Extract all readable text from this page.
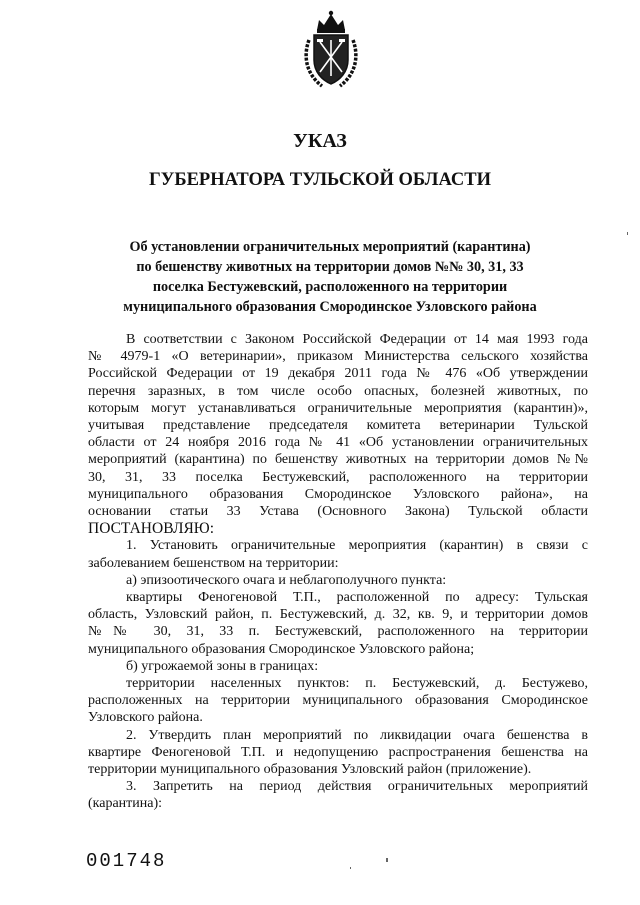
УКАЗ
ГУБЕРНАТОРА ТУЛЬСКОЙ ОБЛАСТИ
Об установлении ограничительных мероприятий (карантина)
по бешенству животных на территории домов №№ 30, 31, 33
поселка Бестужевский, расположенного на территории
муниципального образования Смородинское Узловского района
В соответствии с Законом Российской Федерации от 14 мая 1993 года
№ 4979-1 «О ветеринарии», приказом Министерства сельского хозяйства
Российской Федерации от 19 декабря 2011 года № 476 «Об утверждении
перечня заразных, в том числе особо опасных, болезней животных, по
которым могут устанавливаться ограничительные мероприятия (карантин)»,
учитывая представление председателя комитета ветеринарии Тульской
области от 24 ноября 2016 года № 41 «Об установлении ограничительных
мероприятий (карантина) по бешенству животных на территории домов №№
30, 31, 33 поселка Бестужевский, расположенного на территории
муниципального образования Смородинское Узловского района», на
основании статьи 33 Устава (Основного Закона) Тульской области
ПОСТАНОВЛЯЮ:
1. Установить ограничительные мероприятия (карантин) в связи с
заболеванием бешенством на территории:
а) эпизоотического очага и неблагополучного пункта:
квартиры Феногеновой Т.П., расположенной по адресу: Тульская
область, Узловский район, п. Бестужевский, д. 32, кв. 9, и территории домов
№№ 30, 31, 33 п. Бестужевский, расположенного на территории
муниципального образования Смородинское Узловского района;
б) угрожаемой зоны в границах:
территории населенных пунктов: п. Бестужевский, д. Бестужево,
расположенных на территории муниципального образования Смородинское
Узловского района.
2. Утвердить план мероприятий по ликвидации очага бешенства в
квартире Феногеновой Т.П. и недопущению распространения бешенства на
территории муниципального образования Узловский район (приложение).
3. Запретить на период действия ограничительных мероприятий
(карантина):
001748
